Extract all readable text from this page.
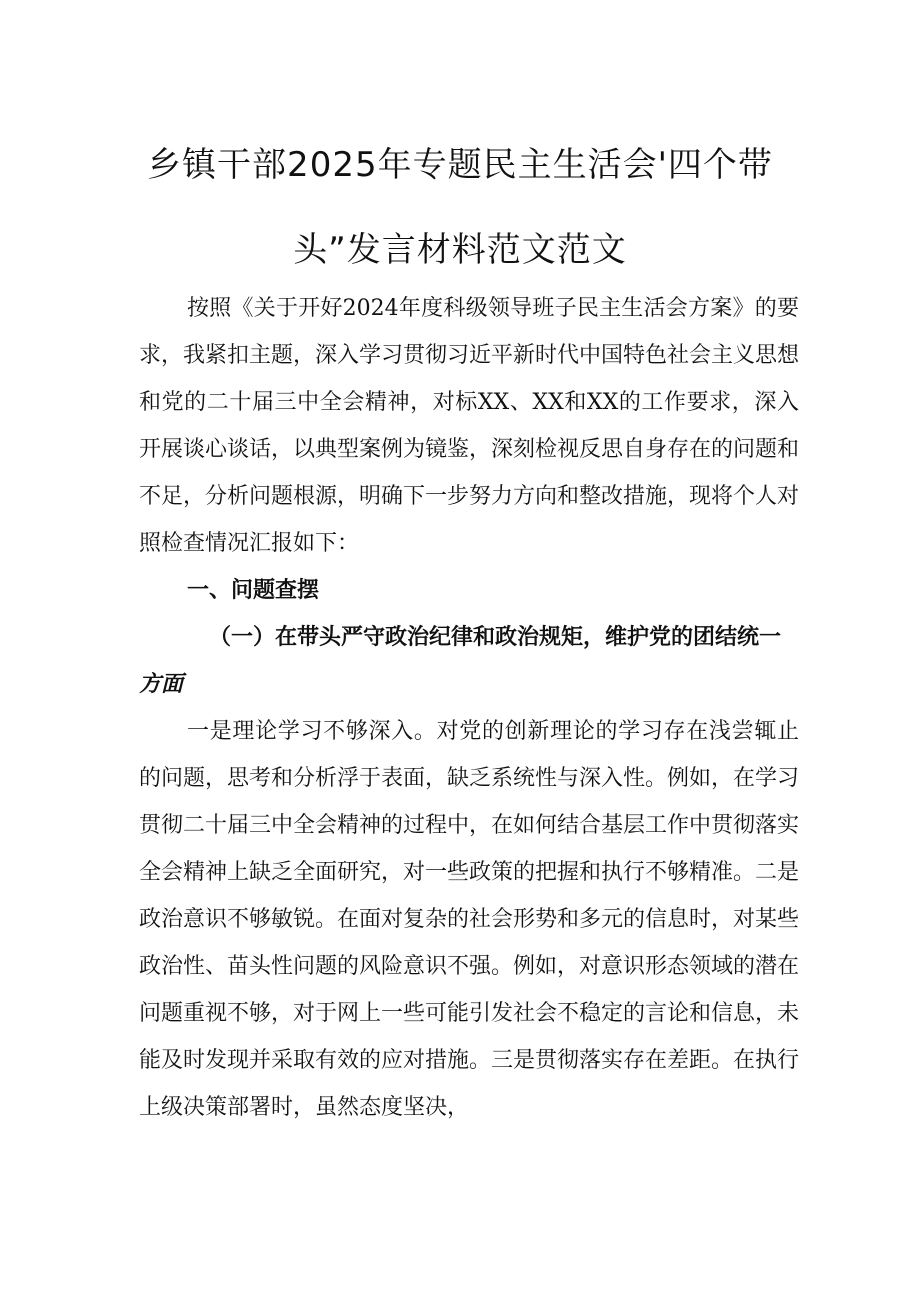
乡镇干部2025年专题民主生活会'四个带
头”发言材料范文范文

按照《关于开好2024年度科级领导班子民主生活会方案》的要求，我紧扣主题，深入学习贯彻习近平新时代中国特色社会主义思想和党的二十届三中全会精神，对标XX、XX和XX的工作要求，深入开展谈心谈话，以典型案例为镜鉴，深刻检视反思自身存在的问题和不足，分析问题根源，明确下一步努力方向和整改措施，现将个人对照检查情况汇报如下：

一、问题查摆
（一）在带头严守政治纪律和政治规矩，维护党的团结统一方面

一是理论学习不够深入。对党的创新理论的学习存在浅尝辄止的问题，思考和分析浮于表面，缺乏系统性与深入性。例如，在学习贯彻二十届三中全会精神的过程中，在如何结合基层工作中贯彻落实全会精神上缺乏全面研究，对一些政策的把握和执行不够精准。二是政治意识不够敏锐。在面对复杂的社会形势和多元的信息时，对某些政治性、苗头性问题的风险意识不强。例如，对意识形态领域的潜在问题重视不够，对于网上一些可能引发社会不稳定的言论和信息，未能及时发现并采取有效的应对措施。三是贯彻落实存在差距。在执行上级决策部署时，虽然态度坚决，
